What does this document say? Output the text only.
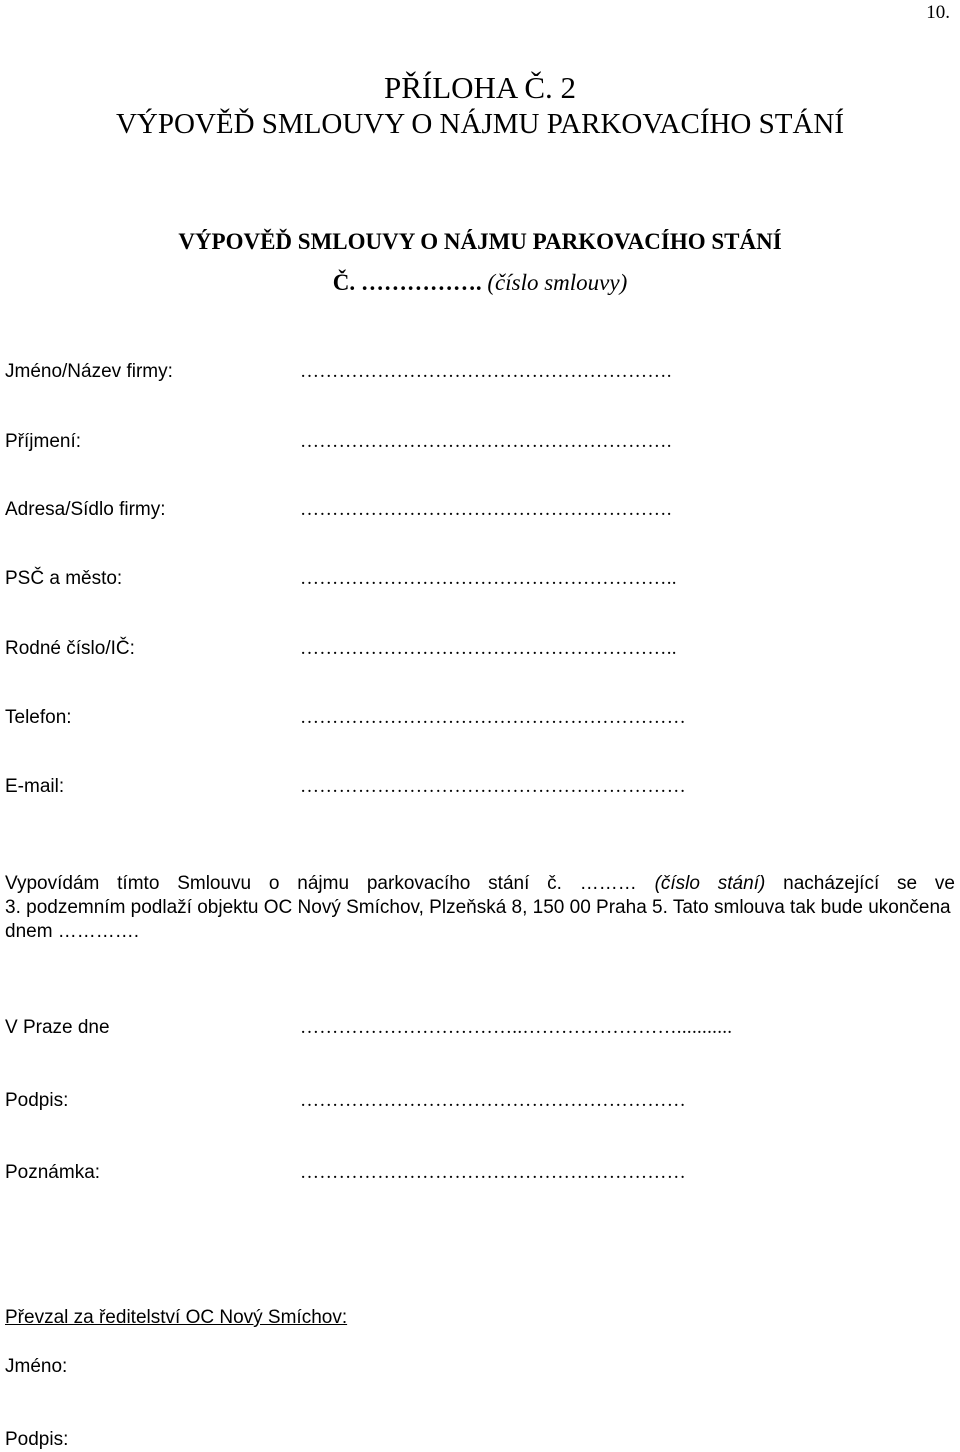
10.
PŘÍLOHA Č. 2
VÝPOVĚĎ SMLOUVY O NÁJMU PARKOVACÍHO STÁNÍ
VÝPOVĚĎ SMLOUVY O NÁJMU PARKOVACÍHO STÁNÍ
Č. ……………. (číslo smlouvy)
Jméno/Název firmy:	………………………………………………….
Příjmení:	………………………………………………….
Adresa/Sídlo firmy:	………………………………………………….
PSČ a město:	…………………………………………………..
Rodné číslo/IČ:	…………………………………………………..
Telefon:	……………………………………………………
E-mail:	……………………………………………………
Vypovídám tímto Smlouvu o nájmu parkovacího stání č. ……… (číslo stání) nacházející se ve
3. podzemním podlaží objektu OC Nový Smíchov, Plzeňská 8, 150 00 Praha 5. Tato smlouva tak bude ukončena
dnem ………….
V Praze dne	……………………………..……………………...........
Podpis:	……………………………………………………
Poznámka:	……………………………………………………
Převzal za ředitelství OC Nový Smíchov:
Jméno:
Podpis:
